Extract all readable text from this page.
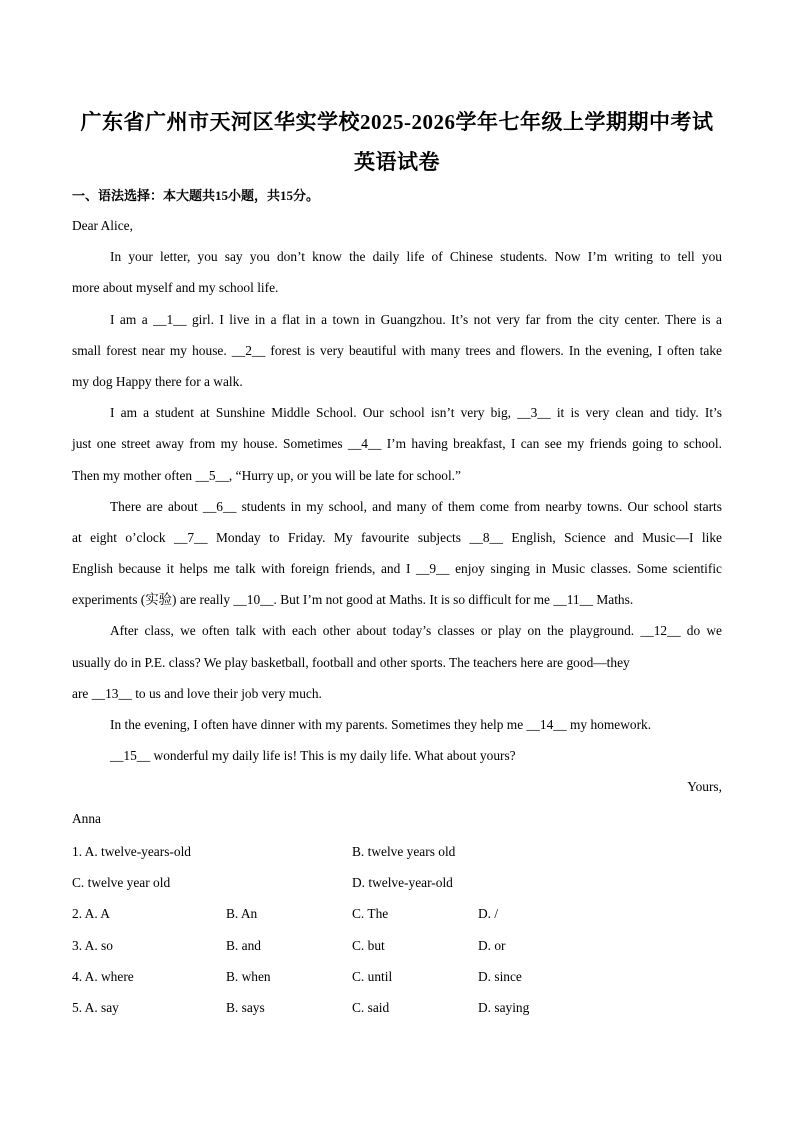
广东省广州市天河区华实学校2025-2026学年七年级上学期期中考试
英语试卷
一、语法选择：本大题共15小题，共15分。
Dear Alice,
In your letter, you say you don’t know the daily life of Chinese students. Now I’m writing to tell you
more about myself and my school life.
I am a __1__ girl. I live in a flat in a town in Guangzhou. It’s not very far from the city center. There is a
small forest near my house. __2__ forest is very beautiful with many trees and flowers. In the evening, I often take
my dog Happy there for a walk.
I am a student at Sunshine Middle School. Our school isn’t very big, __3__ it is very clean and tidy. It’s
just one street away from my house. Sometimes __4__ I’m having breakfast, I can see my friends going to school.
Then my mother often __5__, “Hurry up, or you will be late for school.”
There are about __6__ students in my school, and many of them come from nearby towns. Our school starts
at eight o’clock __7__ Monday to Friday. My favourite subjects __8__ English, Science and Music—I like
English because it helps me talk with foreign friends, and I __9__ enjoy singing in Music classes. Some scientific
experiments (实验) are really __10__. But I’m not good at Maths. It is so difficult for me __11__ Maths.
After class, we often talk with each other about today’s classes or play on the playground. __12__ do we
usually do in P.E. class? We play basketball, football and other sports. The teachers here are good—they
are __13__ to us and love their job very much.
In the evening, I often have dinner with my parents. Sometimes they help me __14__ my homework.
__15__ wonderful my daily life is! This is my daily life. What about yours?
Yours,
Anna
1. A. twelve-years-old	B. twelve years old
C. twelve year old	D. twelve-year-old
2. A. A	B. An	C. The	D. /
3. A. so	B. and	C. but	D. or
4. A. where	B. when	C. until	D. since
5. A. say	B. says	C. said	D. saying
